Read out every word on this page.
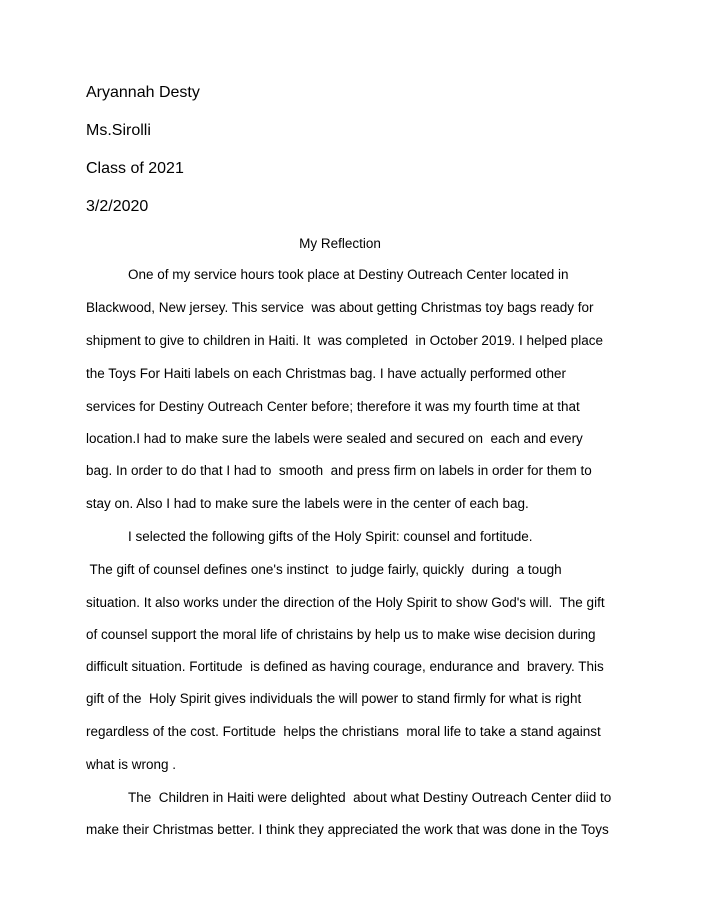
Aryannah Desty
Ms.Sirolli
Class of 2021
3/2/2020
My Reflection
One of my service hours took place at Destiny Outreach Center located in
Blackwood, New jersey. This service  was about getting Christmas toy bags ready for
shipment to give to children in Haiti. It  was completed  in October 2019. I helped place
the Toys For Haiti labels on each Christmas bag. I have actually performed other
services for Destiny Outreach Center before; therefore it was my fourth time at that
location.I had to make sure the labels were sealed and secured on  each and every
bag. In order to do that I had to  smooth  and press firm on labels in order for them to
stay on. Also I had to make sure the labels were in the center of each bag.
I selected the following gifts of the Holy Spirit: counsel and fortitude.
The gift of counsel defines one's instinct  to judge fairly, quickly  during  a tough
situation. It also works under the direction of the Holy Spirit to show God's will.  The gift
of counsel support the moral life of christains by help us to make wise decision during
difficult situation. Fortitude  is defined as having courage, endurance and  bravery. This
gift of the  Holy Spirit gives individuals the will power to stand firmly for what is right
regardless of the cost. Fortitude  helps the christians  moral life to take a stand against
what is wrong .
The  Children in Haiti were delighted  about what Destiny Outreach Center diid to
make their Christmas better. I think they appreciated the work that was done in the Toys
